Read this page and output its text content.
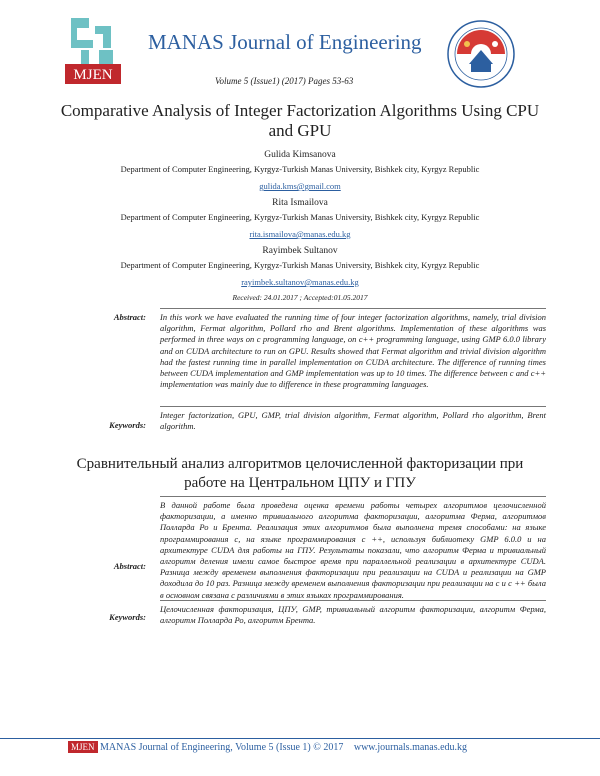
MJEN
MANAS Journal of Engineering
Volume 5 (Issue1) (2017) Pages 53-63
Comparative Analysis of Integer Factorization Algorithms Using CPU and GPU
Gulida Kimsanova
Department of Computer Engineering, Kyrgyz-Turkish Manas University, Bishkek city, Kyrgyz Republic
gulida.kms@gmail.com
Rita Ismailova
Department of Computer Engineering, Kyrgyz-Turkish Manas University, Bishkek city, Kyrgyz Republic
rita.ismailova@manas.edu.kg
Rayimbek Sultanov
Department of Computer Engineering, Kyrgyz-Turkish Manas University, Bishkek city, Kyrgyz Republic
rayimbek.sultanov@manas.edu.kg
Received: 24.01.2017 ; Accepted:01.05.2017
Abstract: In this work we have evaluated the running time of four integer factorization algorithms, namely, trial division algorithm, Fermat algorithm, Pollard rho and Brent algorithms. Implementation of these algorithms was performed in three ways on c programming language, on c++ programming language, using GMP 6.0.0 library and on CUDA architecture to run on GPU. Results showed that Fermat algorithm and trivial division algorithm had the fastest running time in parallel implementation on CUDA architecture. The difference of running times between CUDA implementation and GMP implementation was up to 10 times. The difference between c and c++ implementation was mainly due to difference in these programming languages.
Keywords:
Integer factorization, GPU, GMP, trial division algorithm, Fermat algorithm, Pollard rho algorithm, Brent algorithm.
Сравнительный анализ алгоритмов целочисленной факторизации при работе на Центральном ЦПУ и ГПУ
Abstract:
В данной работе была проведена оценка времени работы четырех алгоритмов целочисленной факторизации, а именно тривиального алгоритма факторизации, алгоритма Ферма, алгоритмов Полларда Ро и Брента. Реализация этих алгоритмов была выполнена тремя способами: на языке программирования с, на языке программирования с ++, используя библиотеку GMP 6.0.0 и на архитектуре CUDA для работы на ГПУ. Результаты показали, что алгоритм Ферма и тривиальный алгоритм деления имели самое быстрое время при параллельной реализации в архитектуре CUDA. Разница между временем выполнения факторизации при реализации на CUDA и реализации на GMP доходила до 10 раз. Разница между временем выполнения факторизации при реализации на с и с ++ была в основном связана с различиями в этих языках программирования.
Keywords:
Целочисленная факторизация, ЦПУ, GMP, тривиальный алгоритм факторизации, алгоритм Ферма, алгоритм Полларда Ро, алгоритм Брента.
MJEN MANAS Journal of Engineering, Volume 5 (Issue 1) © 2017 www.journals.manas.edu.kg
